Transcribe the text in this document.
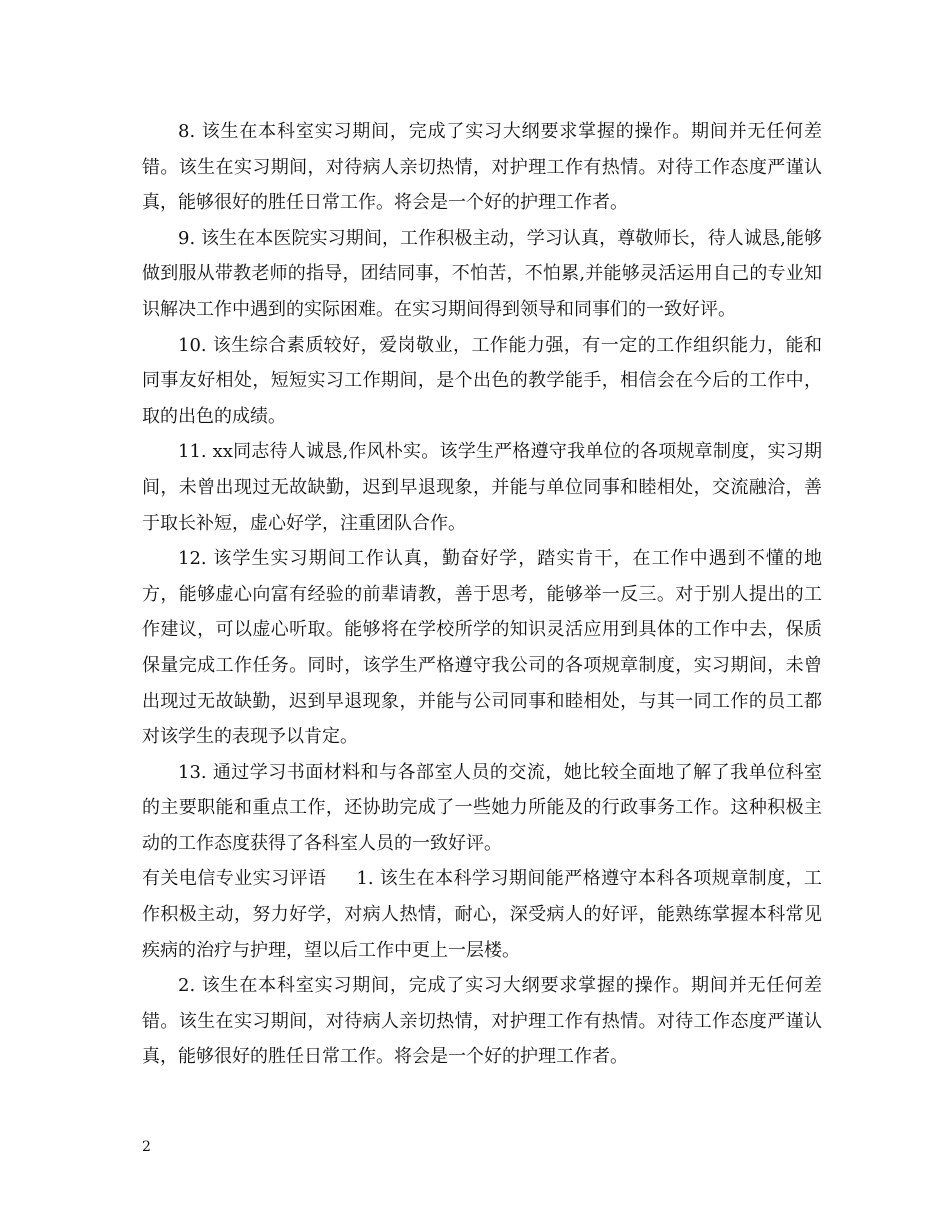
8. 该生在本科室实习期间，完成了实习大纲要求掌握的操作。期间并无任何差错。该生在实习期间，对待病人亲切热情，对护理工作有热情。对待工作态度严谨认真，能够很好的胜任日常工作。将会是一个好的护理工作者。

9. 该生在本医院实习期间，工作积极主动，学习认真，尊敬师长，待人诚恳,能够做到服从带教老师的指导，团结同事，不怕苦，不怕累,并能够灵活运用自己的专业知识解决工作中遇到的实际困难。在实习期间得到领导和同事们的一致好评。

10. 该生综合素质较好，爱岗敬业，工作能力强，有一定的工作组织能力，能和同事友好相处，短短实习工作期间，是个出色的教学能手，相信会在今后的工作中，取的出色的成绩。

11. xx同志待人诚恳,作风朴实。该学生严格遵守我单位的各项规章制度，实习期间，未曾出现过无故缺勤，迟到早退现象，并能与单位同事和睦相处，交流融洽，善于取长补短，虚心好学，注重团队合作。

12. 该学生实习期间工作认真，勤奋好学，踏实肯干，在工作中遇到不懂的地方，能够虚心向富有经验的前辈请教，善于思考，能够举一反三。对于别人提出的工作建议，可以虚心听取。能够将在学校所学的知识灵活应用到具体的工作中去，保质保量完成工作任务。同时，该学生严格遵守我公司的各项规章制度，实习期间，未曾出现过无故缺勤，迟到早退现象，并能与公司同事和睦相处，与其一同工作的员工都对该学生的表现予以肯定。

13. 通过学习书面材料和与各部室人员的交流，她比较全面地了解了我单位科室的主要职能和重点工作，还协助完成了一些她力所能及的行政事务工作。这种积极主动的工作态度获得了各科室人员的一致好评。

有关电信专业实习评语 1. 该生在本科学习期间能严格遵守本科各项规章制度，工作积极主动，努力好学，对病人热情，耐心，深受病人的好评，能熟练掌握本科常见疾病的治疗与护理，望以后工作中更上一层楼。

2. 该生在本科室实习期间，完成了实习大纲要求掌握的操作。期间并无任何差错。该生在实习期间，对待病人亲切热情，对护理工作有热情。对待工作态度严谨认真，能够很好的胜任日常工作。将会是一个好的护理工作者。

2
